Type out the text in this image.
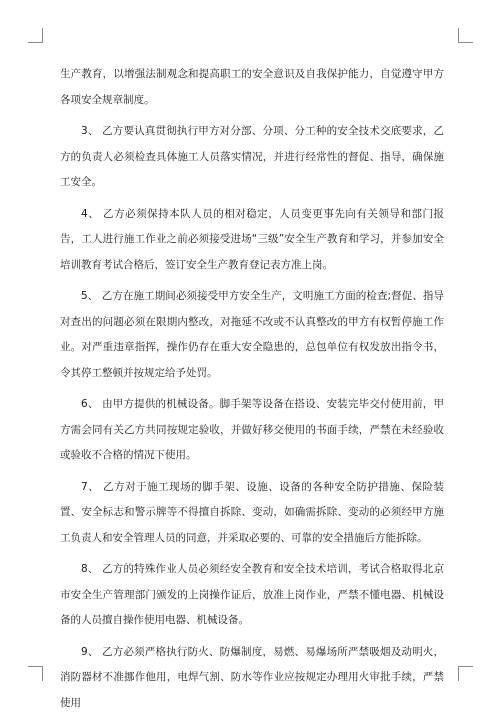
生产教育，以增强法制观念和提高职工的安全意识及自我保护能力，自觉遵守甲方各项安全规章制度。

3、 乙方要认真贯彻执行甲方对分部、分项、分工种的安全技术交底要求，乙方的负责人必须检查具体施工人员落实情况，并进行经常性的督促、指导，确保施工安全。

4、 乙方必须保持本队人员的相对稳定，人员变更事先向有关领导和部门报告，工人进行施工作业之前必须接受进场“三级”安全生产教育和学习，并参加安全培训教育考试合格后，签订安全生产教育登记表方准上岗。

5、 乙方在施工期间必须接受甲方安全生产，文明施工方面的检查;督促、指导对查出的问题必须在限期内整改，对拖延不改或不认真整改的甲方有权暂停施工作业。对严重违章指挥，操作仍存在重大安全隐患的，总包单位有权发放出指令书，令其停工整顿并按规定给予处罚。

6、 由甲方提供的机械设备。脚手架等设备在搭设、安装完毕交付使用前，甲方需会同有关乙方共同按规定验收，并做好移交使用的书面手续，严禁在未经验收或验收不合格的情况下使用。

7、 乙方对于施工现场的脚手架、设施、设备的各种安全防护措施、保险装置、安全标志和警示牌等不得擅自拆除、变动，如确需拆除、变动的必须经甲方施工负责人和安全管理人员的同意，并采取必要的、可靠的安全措施后方能拆除。

8、 乙方的特殊作业人员必须经安全教育和安全技术培训，考试合格取得北京市安全生产管理部门颁发的上岗操作证后，放准上岗作业，严禁不懂电器、机械设备的人员擅自操作使用电器、机械设备。

9、 乙方必须严格执行防火、防爆制度，易燃、易爆场所严禁吸烟及动明火，消防器材不准挪作他用，电焊气割、防水等作业应按规定办理用火审批手续，严禁使用
